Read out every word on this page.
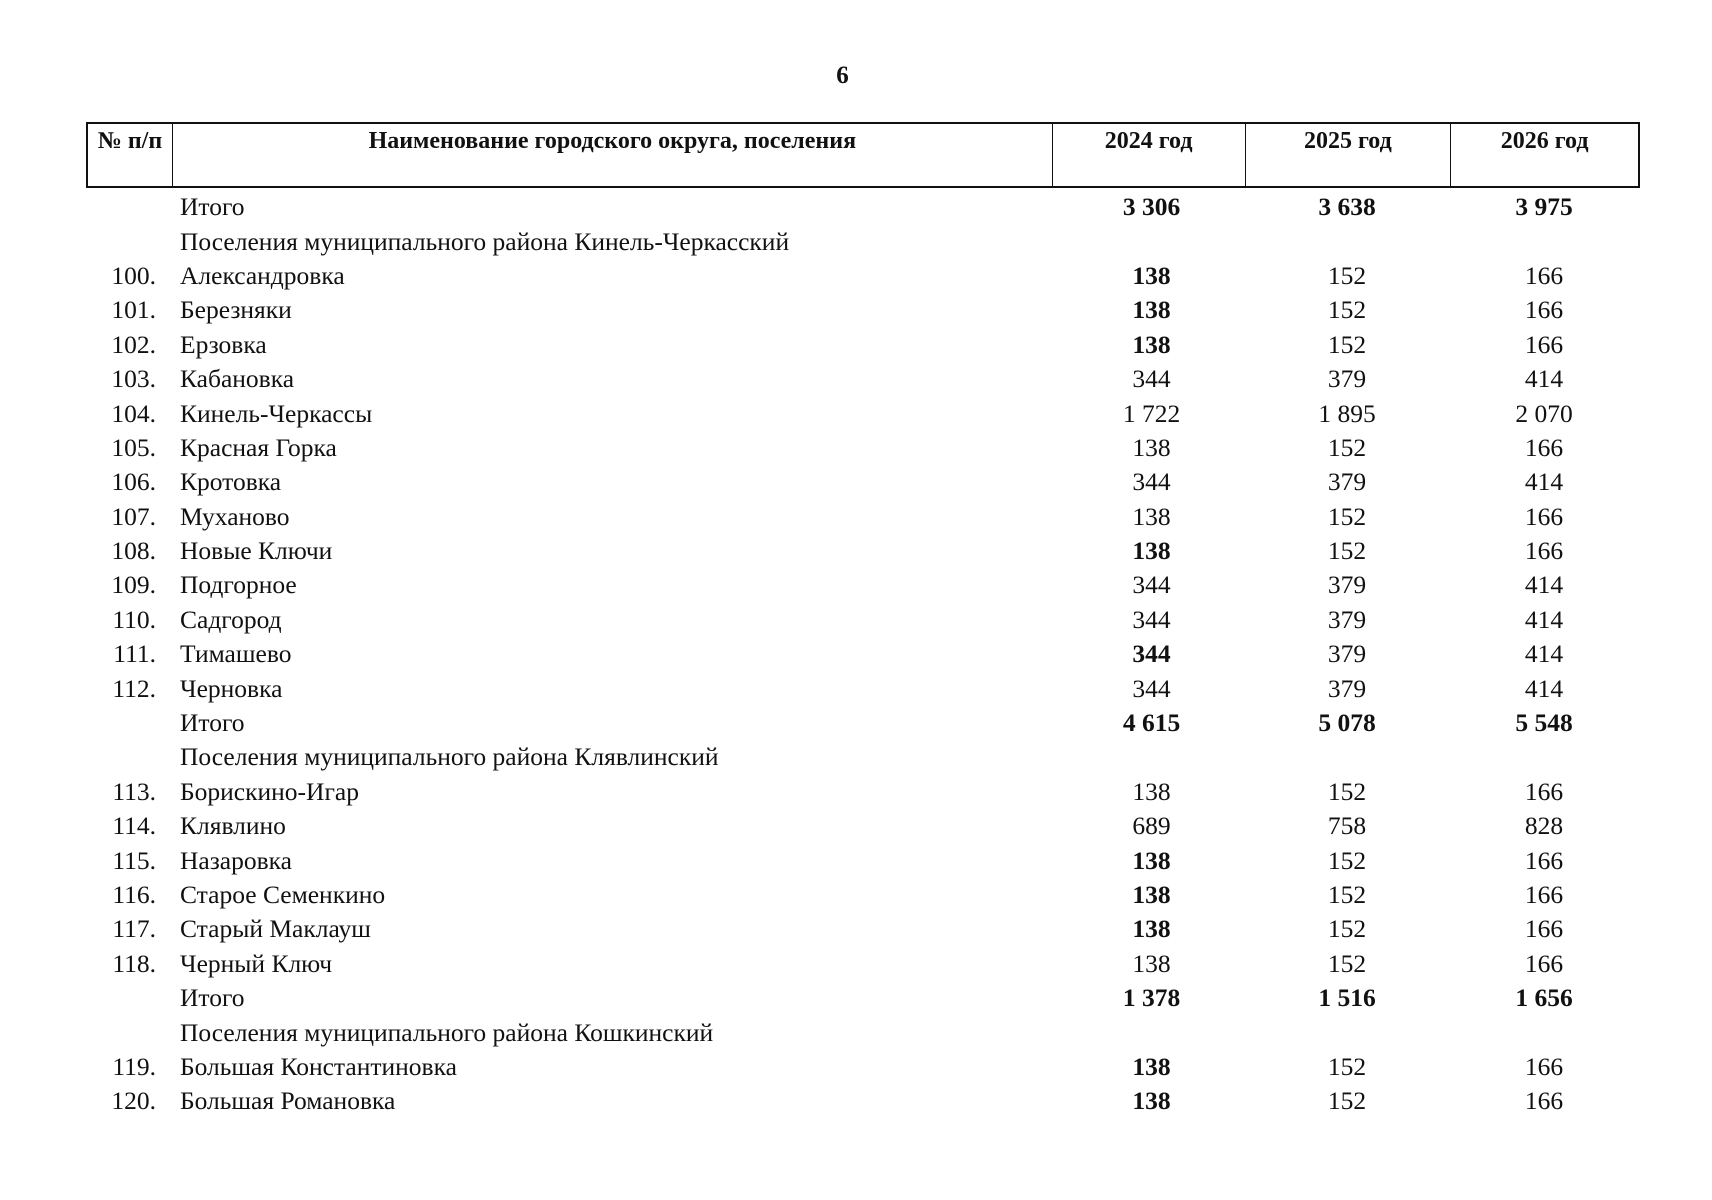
6
№ п/п	Наименование городского округа, поселения	2024 год	2025 год	2026 год
Итого	3 306	3 638	3 975
Поселения муниципального района Кинель-Черкасский
100. Александровка	138	152	166
101. Березняки	138	152	166
102. Ерзовка	138	152	166
103. Кабановка	344	379	414
104. Кинель-Черкассы	1 722	1 895	2 070
105. Красная Горка	138	152	166
106. Кротовка	344	379	414
107. Муханово	138	152	166
108. Новые Ключи	138	152	166
109. Подгорное	344	379	414
110. Садгород	344	379	414
111. Тимашево	344	379	414
112. Черновка	344	379	414
Итого	4 615	5 078	5 548
Поселения муниципального района Клявлинский
113. Борискино-Игар	138	152	166
114. Клявлино	689	758	828
115. Назаровка	138	152	166
116. Старое Семенкино	138	152	166
117. Старый Маклауш	138	152	166
118. Черный Ключ	138	152	166
Итого	1 378	1 516	1 656
Поселения муниципального района Кошкинский
119. Большая Константиновка	138	152	166
120. Большая Романовка	138	152	166
